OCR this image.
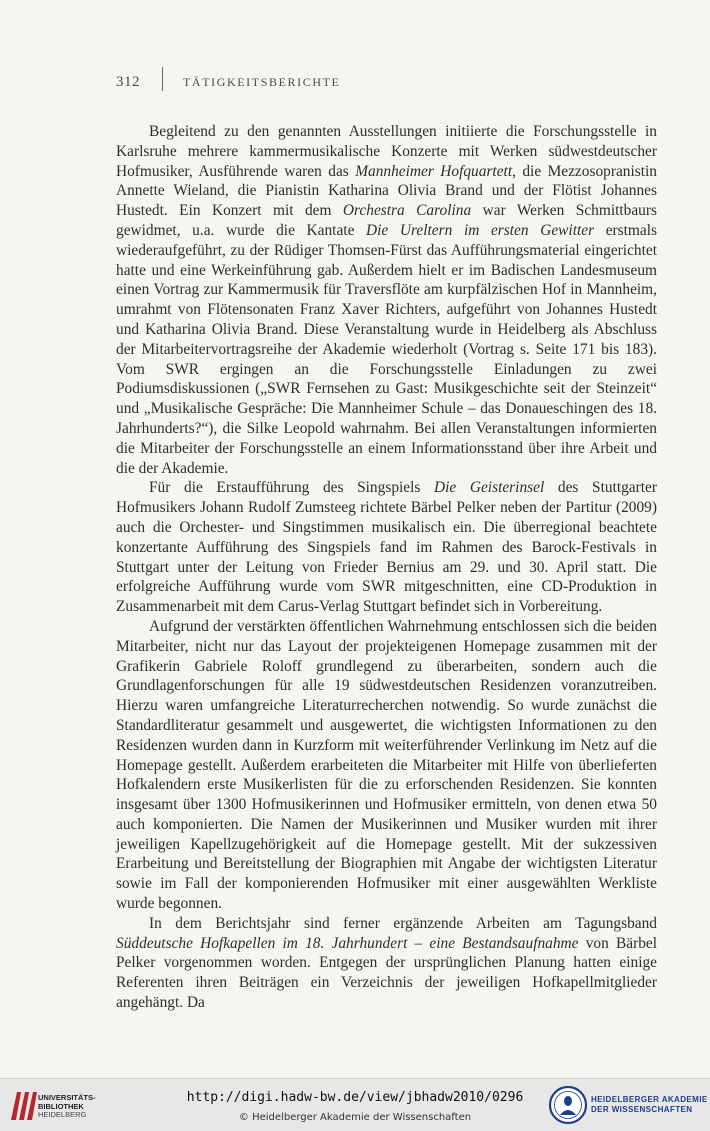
312	TÄTIGKEITSBERICHTE

Begleitend zu den genannten Ausstellungen initiierte die Forschungsstelle in Karlsruhe mehrere kammermusikalische Konzerte mit Werken südwestdeutscher Hofmusiker, Ausführende waren das Mannheimer Hofquartett, die Mezzosopranistin Annette Wieland, die Pianistin Katharina Olivia Brand und der Flötist Johannes Hustedt. Ein Konzert mit dem Orchestra Carolina war Werken Schmittbaurs gewidmet, u.a. wurde die Kantate Die Ureltern im ersten Gewitter erstmals wiederaufgeführt, zu der Rüdiger Thomsen-Fürst das Aufführungsmaterial eingerichtet hatte und eine Werkeinführung gab. Außerdem hielt er im Badischen Landesmuseum einen Vortrag zur Kammermusik für Traversflöte am kurpfälzischen Hof in Mannheim, umrahmt von Flötensonaten Franz Xaver Richters, aufgeführt von Johannes Hustedt und Katharina Olivia Brand. Diese Veranstaltung wurde in Heidelberg als Abschluss der Mitarbeitervortragsreihe der Akademie wiederholt (Vortrag s. Seite 171 bis 183). Vom SWR ergingen an die Forschungsstelle Einladungen zu zwei Podiumsdiskussionen („SWR Fernsehen zu Gast: Musikgeschichte seit der Steinzeit“ und „Musikalische Gespräche: Die Mannheimer Schule – das Donaueschingen des 18. Jahrhunderts?“), die Silke Leopold wahrnahm. Bei allen Veranstaltungen informierten die Mitarbeiter der Forschungsstelle an einem Informationsstand über ihre Arbeit und die der Akademie.

Für die Erstaufführung des Singspiels Die Geisterinsel des Stuttgarter Hofmusikers Johann Rudolf Zumsteeg richtete Bärbel Pelker neben der Partitur (2009) auch die Orchester- und Singstimmen musikalisch ein. Die überregional beachtete konzertante Aufführung des Singspiels fand im Rahmen des Barock-Festivals in Stuttgart unter der Leitung von Frieder Bernius am 29. und 30. April statt. Die erfolgreiche Aufführung wurde vom SWR mitgeschnitten, eine CD-Produktion in Zusammenarbeit mit dem Carus-Verlag Stuttgart befindet sich in Vorbereitung.

Aufgrund der verstärkten öffentlichen Wahrnehmung entschlossen sich die beiden Mitarbeiter, nicht nur das Layout der projekteigenen Homepage zusammen mit der Grafikerin Gabriele Roloff grundlegend zu überarbeiten, sondern auch die Grundlagenforschungen für alle 19 südwestdeutschen Residenzen voranzutreiben. Hierzu waren umfangreiche Literaturrecherchen notwendig. So wurde zunächst die Standardliteratur gesammelt und ausgewertet, die wichtigsten Informationen zu den Residenzen wurden dann in Kurzform mit weiterführender Verlinkung im Netz auf die Homepage gestellt. Außerdem erarbeiteten die Mitarbeiter mit Hilfe von überlieferten Hofkalendern erste Musikerlisten für die zu erforschenden Residenzen. Sie konnten insgesamt über 1300 Hofmusikerinnen und Hofmusiker ermitteln, von denen etwa 50 auch komponierten. Die Namen der Musikerinnen und Musiker wurden mit ihrer jeweiligen Kapellzugehörigkeit auf die Homepage gestellt. Mit der sukzessiven Erarbeitung und Bereitstellung der Biographien mit Angabe der wichtigsten Literatur sowie im Fall der komponierenden Hofmusiker mit einer ausgewählten Werkliste wurde begonnen.

In dem Berichtsjahr sind ferner ergänzende Arbeiten am Tagungsband Süddeutsche Hofkapellen im 18. Jahrhundert – eine Bestandsaufnahme von Bärbel Pelker vorgenommen worden. Entgegen der ursprünglichen Planung hatten einige Referenten ihren Beiträgen ein Verzeichnis der jeweiligen Hofkapellmitglieder angehängt. Da

UNIVERSITÄTS-
BIBLIOTHEK
HEIDELBERG
http://digi.hadw-bw.de/view/jbhadw2010/0296
© Heidelberger Akademie der Wissenschaften
HEIDELBERGER AKADEMIE
DER WISSENSCHAFTEN
